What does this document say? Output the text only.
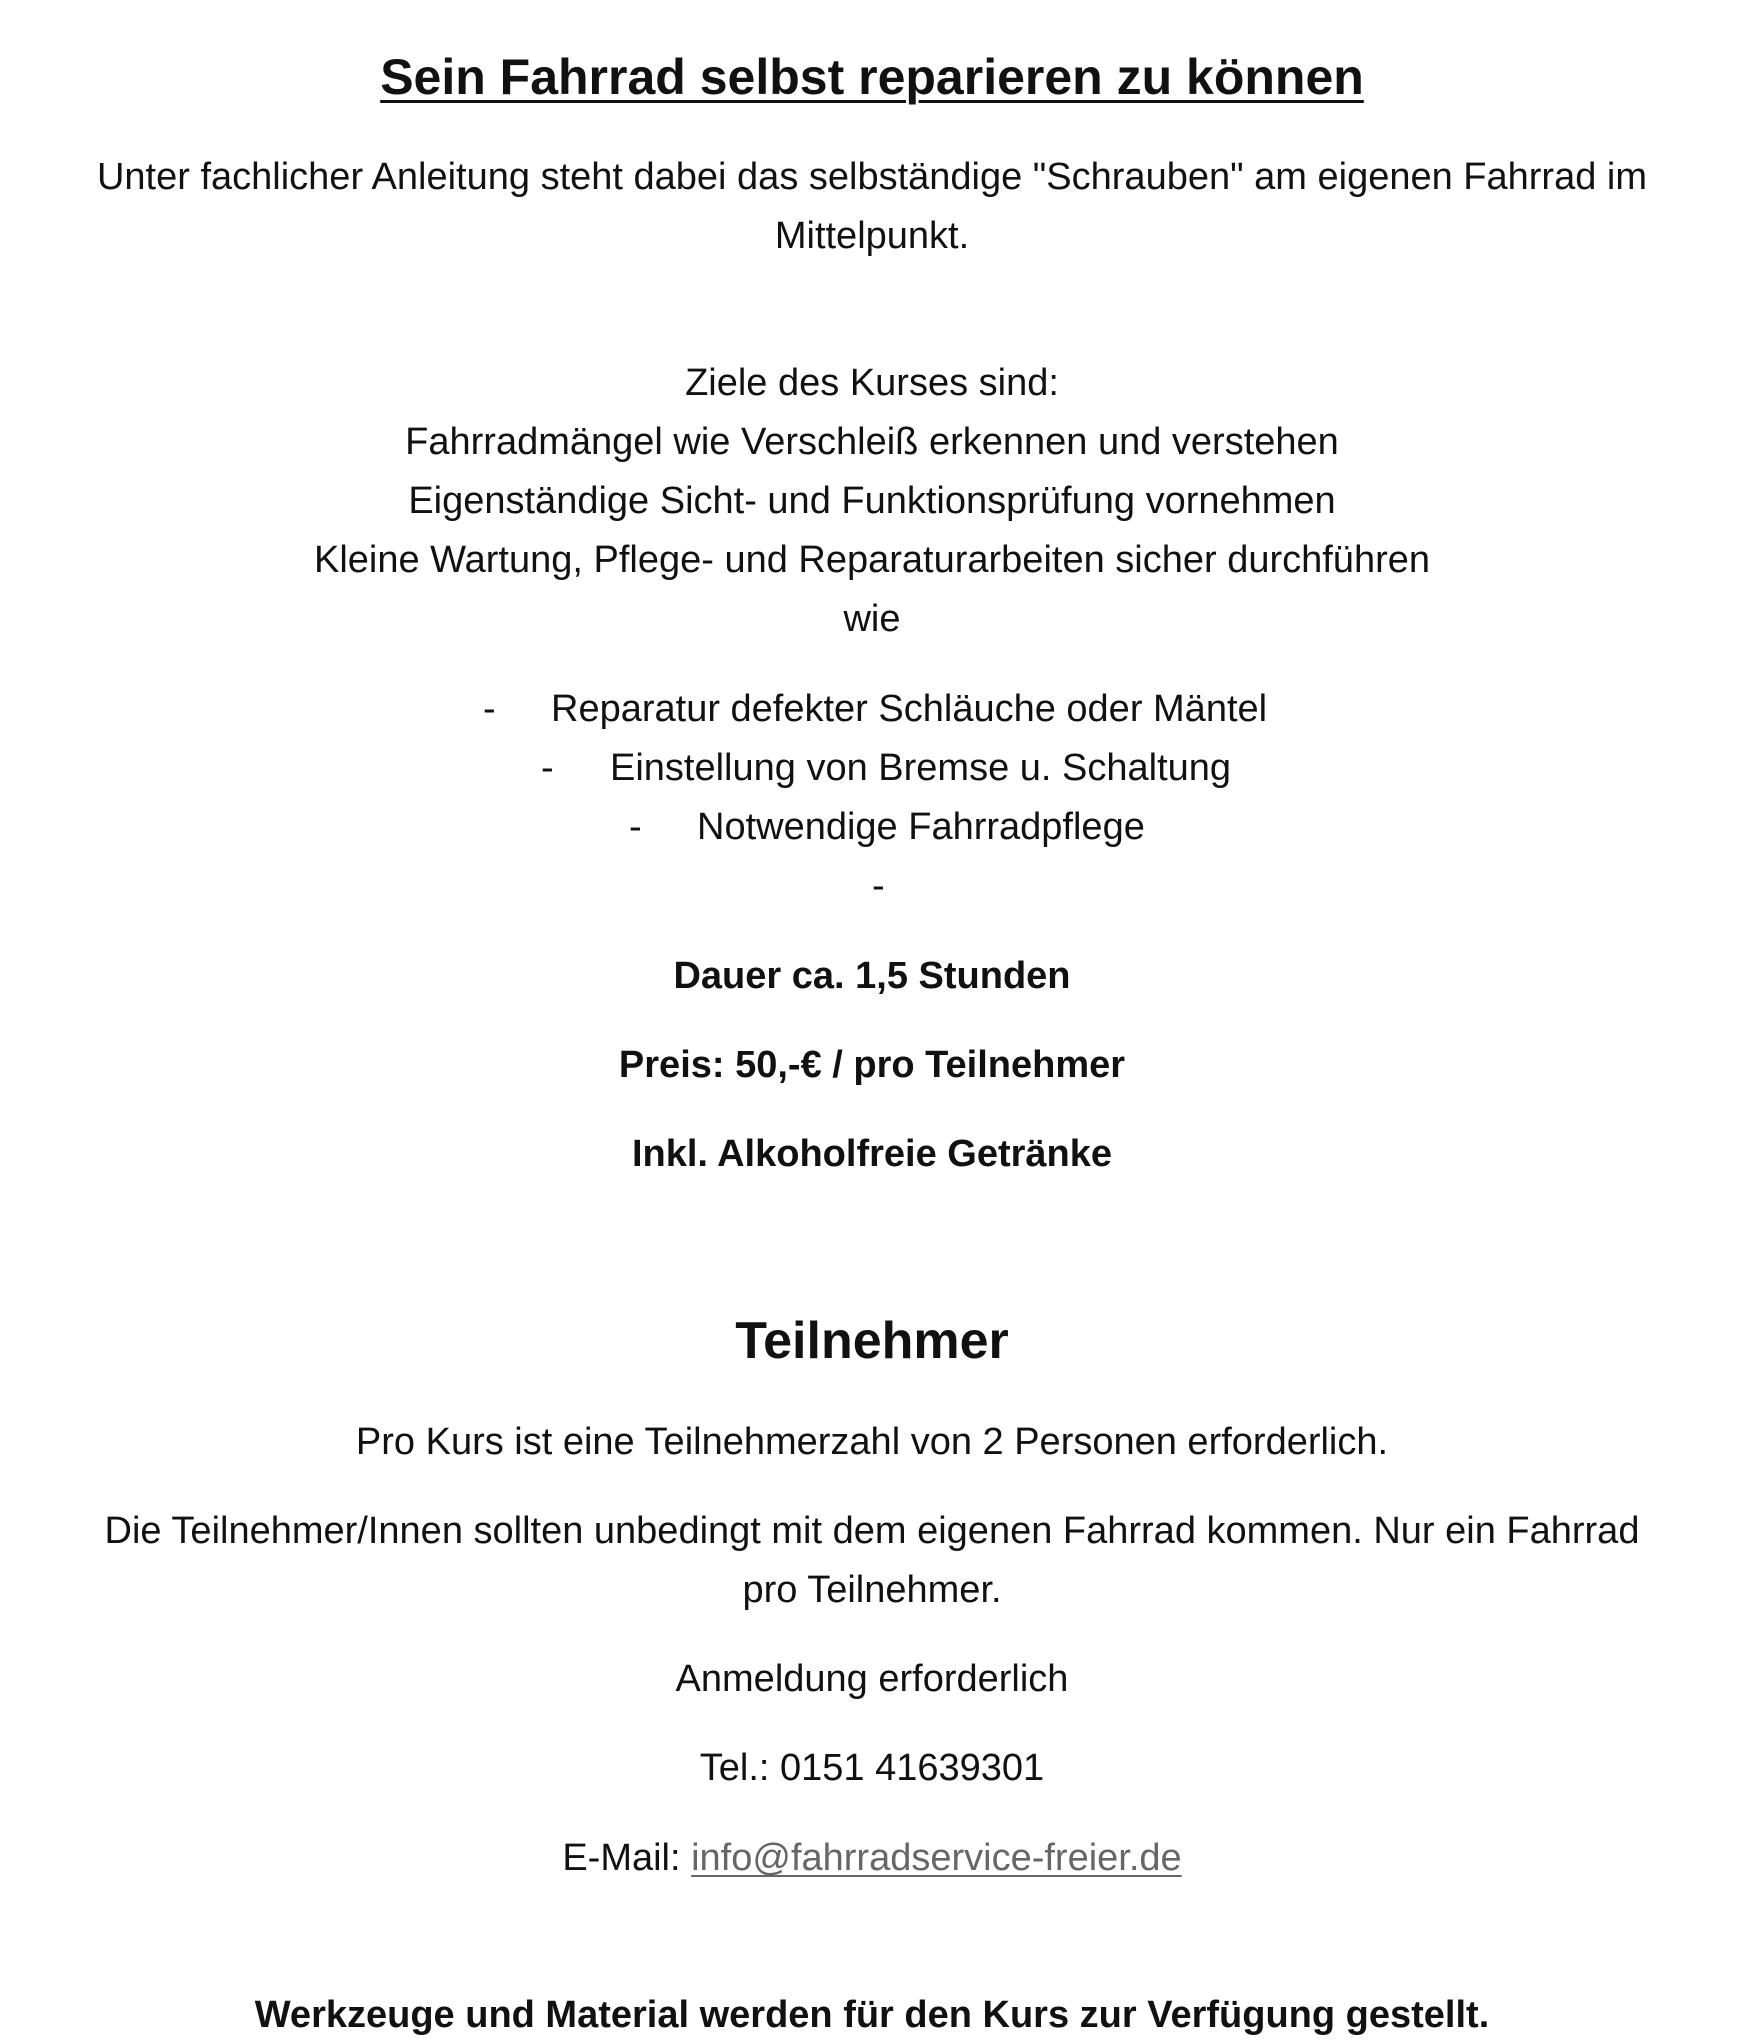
Sein Fahrrad selbst reparieren zu können
Unter fachlicher Anleitung steht dabei das selbständige "Schrauben" am eigenen Fahrrad im
Mittelpunkt.
Ziele des Kurses sind:
Fahrradmängel wie Verschleiß erkennen und verstehen
Eigenständige Sicht- und Funktionsprüfung vornehmen
Kleine Wartung, Pflege- und Reparaturarbeiten sicher durchführen
wie
- Reparatur defekter Schläuche oder Mäntel
- Einstellung von Bremse u. Schaltung
- Notwendige Fahrradpflege
-
Dauer ca. 1,5 Stunden
Preis: 50,-€ / pro Teilnehmer
Inkl. Alkoholfreie Getränke
Teilnehmer
Pro Kurs ist eine Teilnehmerzahl von 2 Personen erforderlich.
Die Teilnehmer/Innen sollten unbedingt mit dem eigenen Fahrrad kommen. Nur ein Fahrrad
pro Teilnehmer.
Anmeldung erforderlich
Tel.: 0151 41639301
E-Mail: info@fahrradservice-freier.de
Werkzeuge und Material werden für den Kurs zur Verfügung gestellt.
